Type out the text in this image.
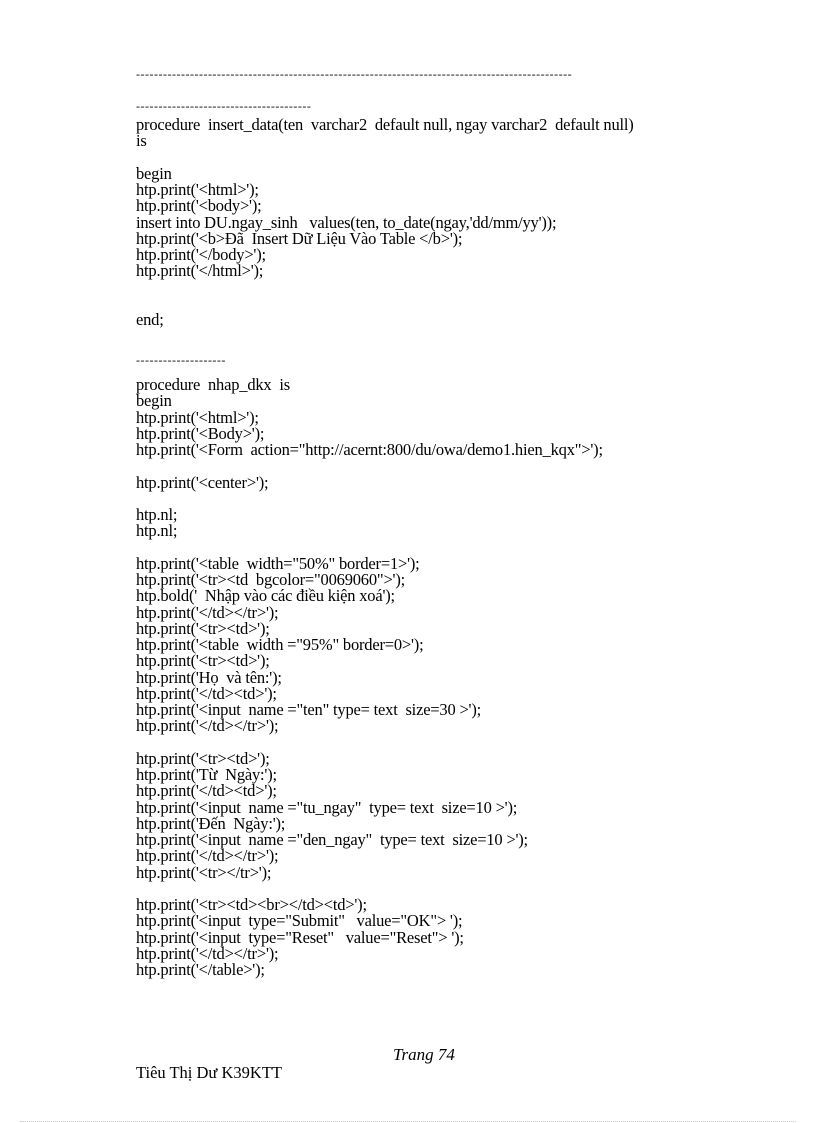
-------------------------------------------------------------------------------------------------
---------------------------------------
procedure  insert_data(ten  varchar2  default null, ngay varchar2  default null)
is
begin
htp.print('<html>');
htp.print('<body>');
insert into DU.ngay_sinh   values(ten, to_date(ngay,'dd/mm/yy'));
htp.print('<b>Đã  Insert Dữ Liệu Vào Table </b>');
htp.print('</body>');
htp.print('</html>');
end;
procedure  nhap_dkx  is
begin
htp.print('<html>');
htp.print('<Body>');
htp.print('<Form  action="http://acernt:800/du/owa/demo1.hien_kqx">');
htp.print('<center>');
htp.nl;
htp.nl;
htp.print('<table  width="50%" border=1>');
htp.print('<tr><td  bgcolor="0069060">');
htp.bold('  Nhập vào các điều kiện xoá');
htp.print('</td></tr>');
htp.print('<tr><td>');
htp.print('<table  width ="95%" border=0>');
htp.print('<tr><td>');
htp.print('Họ  và tên:');
htp.print('</td><td>');
htp.print('<input  name ="ten" type= text  size=30 >');
htp.print('</td></tr>');
htp.print('<tr><td>');
htp.print('Từ  Ngày:');
htp.print('</td><td>');
htp.print('<input  name ="tu_ngay"  type= text  size=10 >');
htp.print('Đến  Ngày:');
htp.print('<input  name ="den_ngay"  type= text  size=10 >');
htp.print('</td></tr>');
htp.print('<tr></tr>');
htp.print('<tr><td><br></td><td>');
htp.print('<input  type="Submit"   value="OK"> ');
htp.print('<input  type="Reset"   value="Reset"> ');
htp.print('</td></tr>');
htp.print('</table>');
--------------------
Trang 74
Tiêu Thị Dư K39KTT
